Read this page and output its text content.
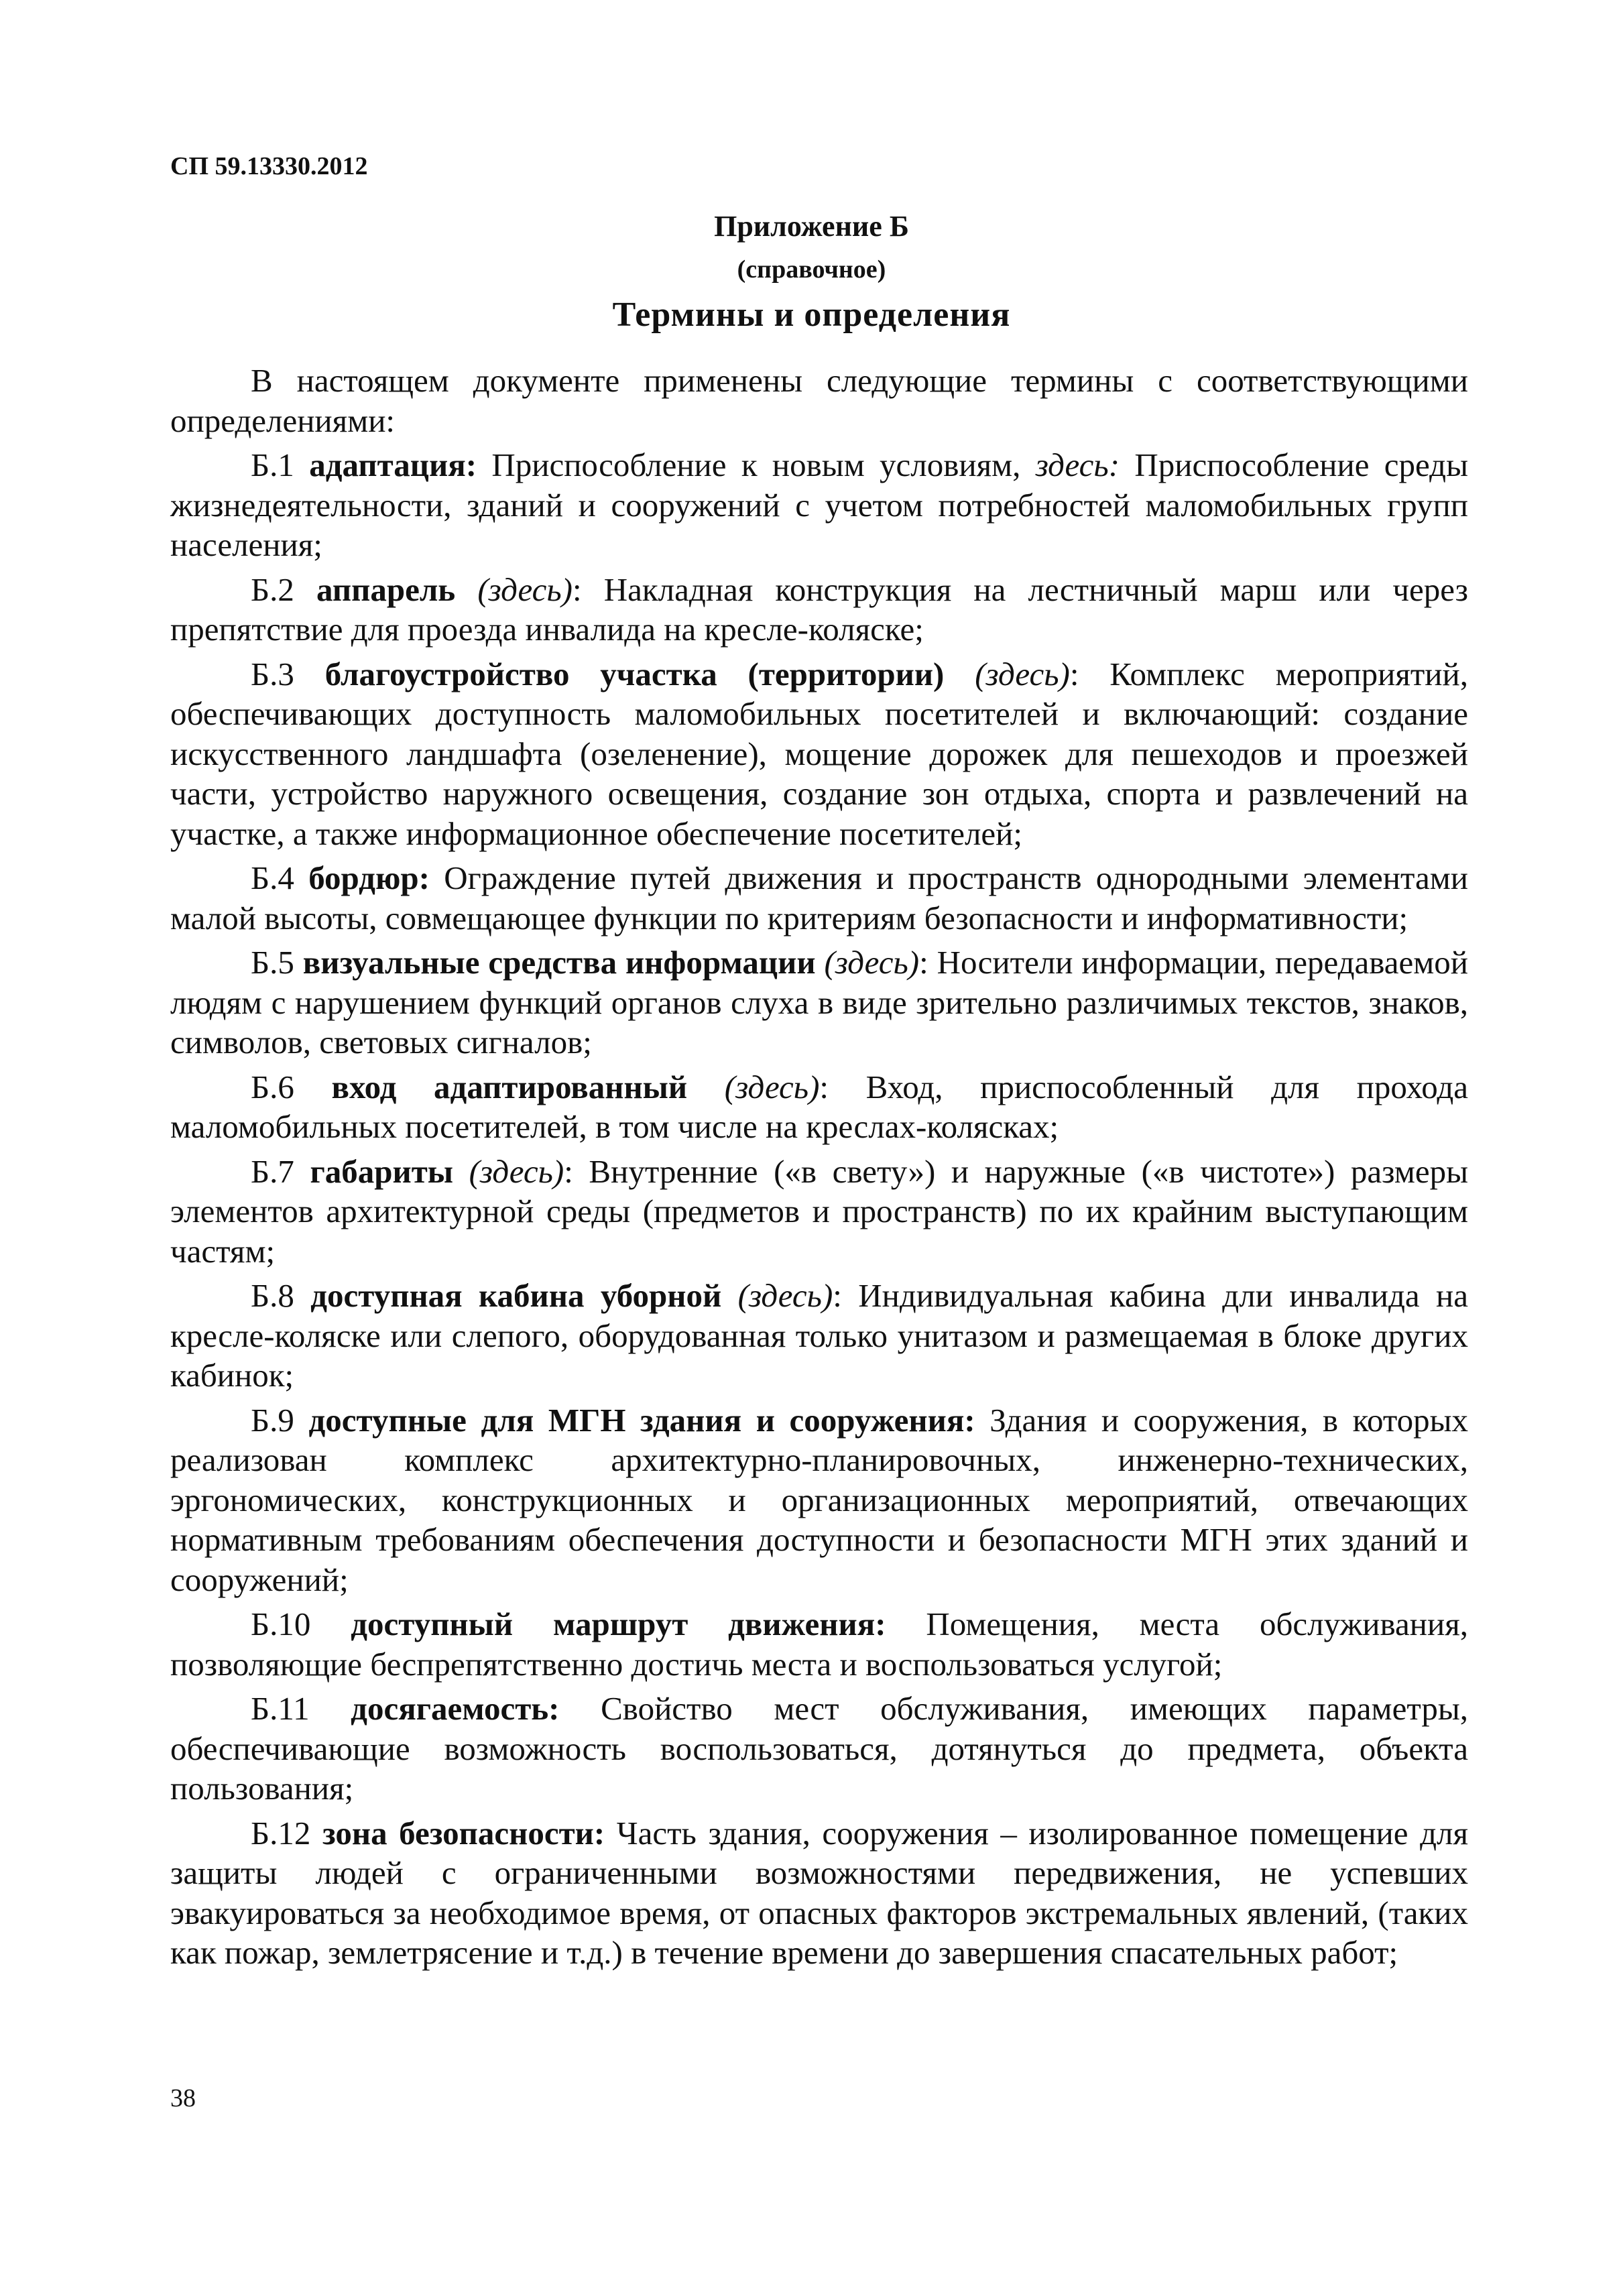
СП 59.13330.2012
Приложение Б
(справочное)
Термины и определения

В настоящем документе применены следующие термины с соответствующими определениями:

Б.1 адаптация: Приспособление к новым условиям, здесь: Приспособление среды жизнедеятельности, зданий и сооружений с учетом потребностей маломобильных групп населения;

Б.2 аппарель (здесь): Накладная конструкция на лестничный марш или через препятствие для проезда инвалида на кресле-коляске;

Б.3 благоустройство участка (территории) (здесь): Комплекс мероприятий, обеспечивающих доступность маломобильных посетителей и включающий: создание искусственного ландшафта (озеленение), мощение дорожек для пешеходов и проезжей части, устройство наружного освещения, создание зон отдыха, спорта и развлечений на участке, а также информационное обеспечение посетителей;

Б.4 бордюр: Ограждение путей движения и пространств однородными элементами малой высоты, совмещающее функции по критериям безопасности и информативности;

Б.5 визуальные средства информации (здесь): Носители информации, передаваемой людям с нарушением функций органов слуха в виде зрительно различимых текстов, знаков, символов, световых сигналов;

Б.6 вход адаптированный (здесь): Вход, приспособленный для прохода маломобильных посетителей, в том числе на креслах-колясках;

Б.7 габариты (здесь): Внутренние («в свету») и наружные («в чистоте») размеры элементов архитектурной среды (предметов и пространств) по их крайним выступающим частям;

Б.8 доступная кабина уборной (здесь): Индивидуальная кабина дли инвалида на кресле-коляске или слепого, оборудованная только унитазом и размещаемая в блоке других кабинок;

Б.9 доступные для МГН здания и сооружения: Здания и сооружения, в которых реализован комплекс архитектурно-планировочных, инженерно-технических, эргономических, конструкционных и организационных мероприятий, отвечающих нормативным требованиям обеспечения доступности и безопасности МГН этих зданий и сооружений;

Б.10 доступный маршрут движения: Помещения, места обслуживания, позволяющие беспрепятственно достичь места и воспользоваться услугой;

Б.11 досягаемость: Свойство мест обслуживания, имеющих параметры, обеспечивающие возможность воспользоваться, дотянуться до предмета, объекта пользования;

Б.12 зона безопасности: Часть здания, сооружения – изолированное помещение для защиты людей с ограниченными возможностями передвижения, не успевших эвакуироваться за необходимое время, от опасных факторов экстремальных явлений, (таких как пожар, землетрясение и т.д.) в течение времени до завершения спасательных работ;

38
